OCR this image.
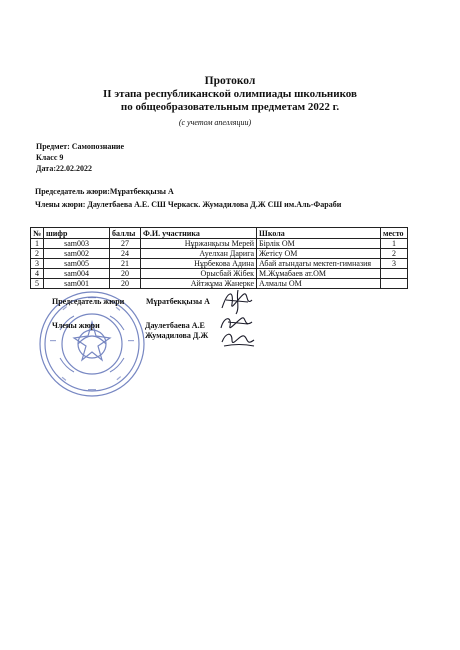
Протокол
II этапа республиканской олимпиады школьников
по общеобразовательным предметам 2022 г.
(с учетом апелляции)
Предмет: Самопознание
Класс 9
Дата:22.02.2022
Председатель жюри:Мұратбекқызы А
Члены жюри: Даулетбаева А.Е. СШ Черкаск. Жумадилова Д.Ж СШ им.Аль-Фараби
№	шифр	баллы	Ф.И. участника	Школа	место
1	sam003	27	Нұржанқызы Мерей	Бірлік ОМ	1
2	sam002	24	Ауелхан Дарига	Жетісу ОМ	2
3	sam005	21	Нұрбекова Адина	Абай атындағы мектеп-гимназия	3
4	sam004	20	Орысбай Жібек	М.Жұмабаев ат.ОМ	
5	sam001	20	Айтжұма Жанерке	Алмалы ОМ	
Председатель жюри	Мұратбекқызы А
Члены жюри	Даулетбаева А.Е
Жумадилова Д.Ж
